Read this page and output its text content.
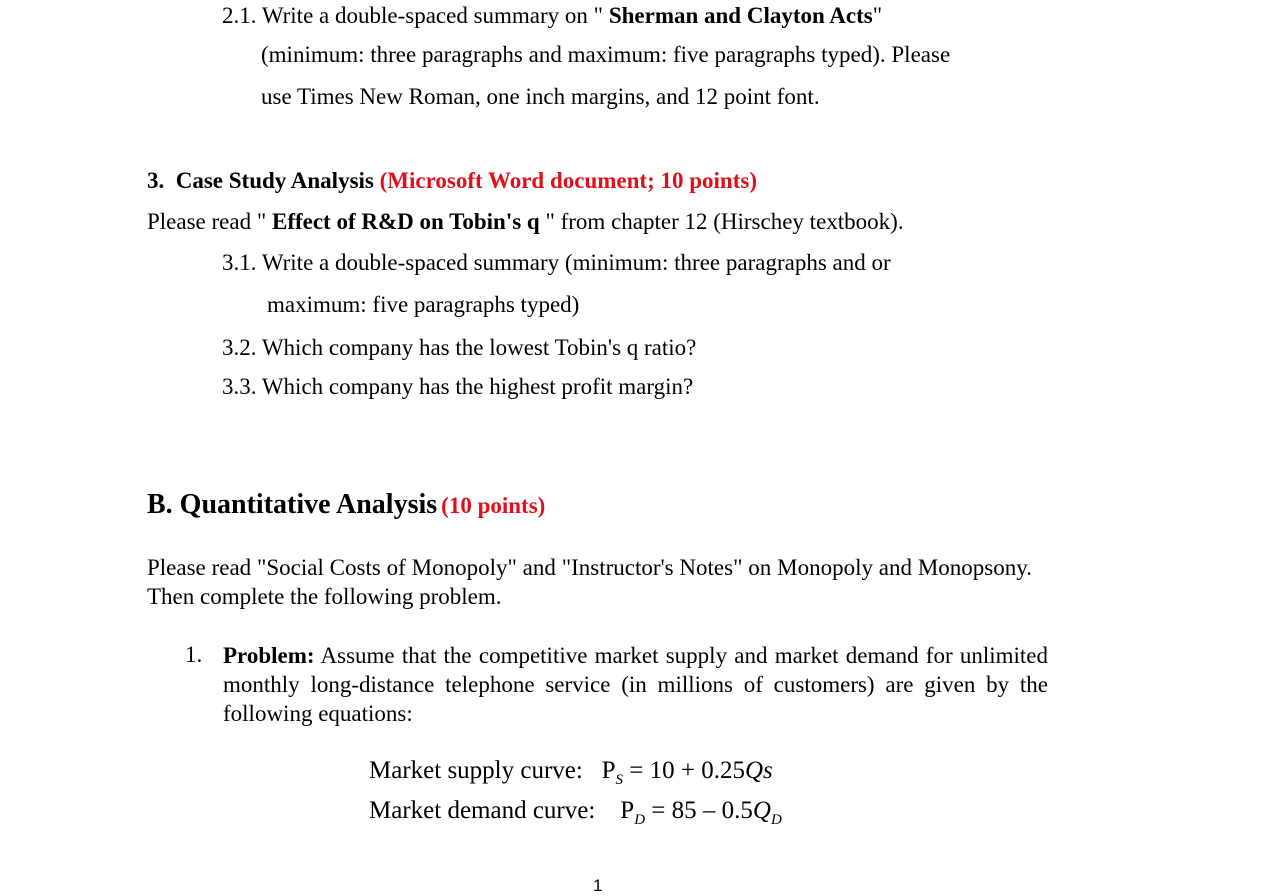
2.1. Write a double-spaced summary on " Sherman and Clayton Acts"
(minimum: three paragraphs and maximum: five paragraphs typed). Please
use Times New Roman, one inch margins, and 12 point font.
3. Case Study Analysis (Microsoft Word document; 10 points)
Please read " Effect of R&D on Tobin's q " from chapter 12 (Hirschey textbook).
3.1. Write a double-spaced summary (minimum: three paragraphs and or
maximum: five paragraphs typed)
3.2. Which company has the lowest Tobin's q ratio?
3.3. Which company has the highest profit margin?
B. Quantitative Analysis (10 points)
Please read "Social Costs of Monopoly" and "Instructor's Notes" on Monopoly and Monopsony. Then complete the following problem.
1. Problem: Assume that the competitive market supply and market demand for unlimited monthly long-distance telephone service (in millions of customers) are given by the following equations:
Market supply curve: $P_S = 10 + 0.25Qs$
Market demand curve: $P_D = 85 - 0.5Q_D$
1
